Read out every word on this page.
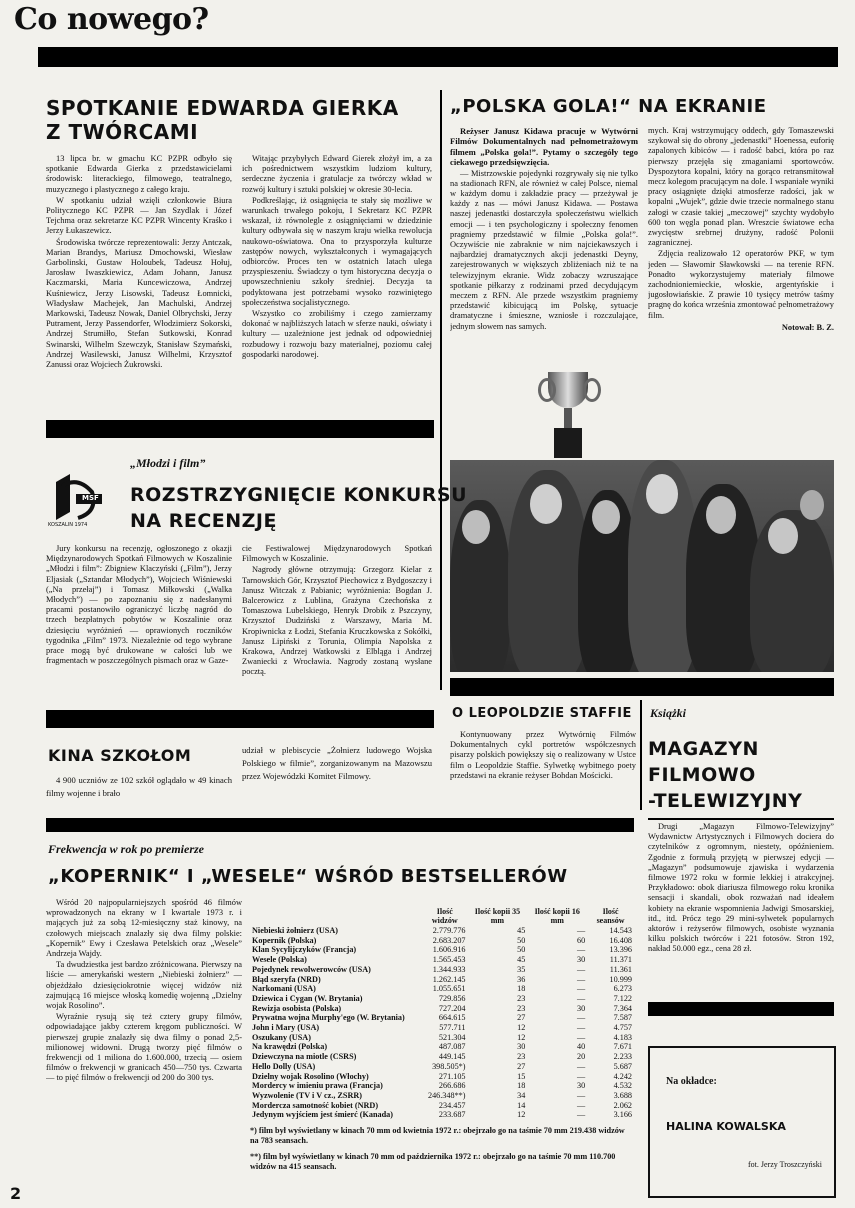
Co nowego?
SPOTKANIE EDWARDA GIERKA
Z TWÓRCAMI

13 lipca br. w gmachu KC PZPR odbyło się spotkanie Edwarda Gierka z przedstawicielami środowisk: literackiego, filmowego, teatralnego, muzycznego i plastycznego z całego kraju.

W spotkaniu udział wzięli członkowie Biura Politycznego KC PZPR — Jan Szydlak i Józef Tejchma oraz sekretarze KC PZPR Wincenty Kraśko i Jerzy Łukaszewicz.

Środowiska twórcze reprezentowali: Jerzy Antczak, Marian Brandys, Mariusz Dmochowski, Wiesław Garbolinski, Gustaw Holoubek, Tadeusz Hołuj, Jarosław Iwaszkiewicz, Adam Johann, Janusz Kaczmarski, Maria Kuncewiczowa, Andrzej Kuśniewicz, Jerzy Lisowski, Tadeusz Łomnicki, Władysław Machejek, Jan Machulski, Andrzej Markowski, Tadeusz Nowak, Daniel Olbrychski, Jerzy Putrament, Jerzy Passendorfer, Włodzimierz Sokorski, Andrzej Strumiłło, Stefan Sutkowski, Konrad Swinarski, Wilhelm Szewczyk, Stanisław Szymański, Andrzej Wasilewski, Janusz Wilhelmi, Krzysztof Zanussi oraz Wojciech Żukrowski.

Witając przybyłych Edward Gierek złożył im, a za ich pośrednictwem wszystkim ludziom kultury, serdeczne życzenia i gratulacje za twórczy wkład w rozwój kultury i sztuki polskiej w okresie 30-lecia.

Podkreślając, iż osiągnięcia te stały się możliwe w warunkach trwałego pokoju, I Sekretarz KC PZPR wskazał, iż równolegle z osiągnięciami w dziedzinie kultury odbywała się w naszym kraju wielka rewolucja naukowo-oświatowa. Ona to przysporzyła kulturze zastępów nowych, wykształconych i wymagających odbiorców. Proces ten w ostatnich latach ulega przyspieszeniu. Świadczy o tym historyczna decyzja o upowszechnieniu szkoły średniej. Decyzja ta podyktowana jest potrzebami wysoko rozwiniętego społeczeństwa socjalistycznego.

Wszystko co zrobiliśmy i czego zamierzamy dokonać w najbliższych latach w sferze nauki, oświaty i kultury — uzależnione jest jednak od odpowiedniej rozbudowy i rozwoju bazy materialnej, poziomu całej gospodarki narodowej.

„POLSKA GOLA!“ NA EKRANIE

Reżyser Janusz Kidawa pracuje w Wytwórni Filmów Dokumentalnych nad pełnometrażowym filmem „Polska gola!”. Pytamy o szczegóły tego ciekawego przedsięwzięcia.

— Mistrzowskie pojedynki rozgrywały się nie tylko na stadionach RFN, ale również w całej Polsce, niemal w każdym domu i zakładzie pracy — przeżywał je każdy z nas — mówi Janusz Kidawa. — Postawa naszej jedenastki dostarczyła społeczeństwu wielkich emocji — i ten psychologiczny i społeczny fenomen pragniemy przedstawić w filmie „Polska gola!”. Oczywiście nie zabraknie w nim najciekawszych i najbardziej dramatycznych akcji jedenastki Deyny, zarejestrowanych w większych zbliżeniach niż te na telewizyjnym ekranie. Widz zobaczy wzruszające spotkanie piłkarzy z rodzinami przed decydującym meczem z RFN. Ale przede wszystkim pragniemy przedstawić kibicującą im Polskę, sytuacje dramatyczne i śmieszne, wzniosłe i rozczulające, jednym słowem nas samych.

mych. Kraj wstrzymujący oddech, gdy Tomaszewski szykował się do obrony „jedenastki” Hoenessa, euforię zapalonych kibiców — i radość babci, która po raz pierwszy przejęła się zmaganiami sportowców. Dyspozytora kopalni, który na gorąco retransmitował mecz kolegom pracującym na dole. I wspaniałe wyniki pracy osiągnięte dzięki atmosferze radości, jak w kopalni „Wujek”, gdzie dwie trzecie normalnego stanu załogi w czasie takiej „meczowej” szychty wydobyło 600 ton węgla ponad plan. Wreszcie światowe echa zwycięstw srebrnej drużyny, radość Polonii zagranicznej.

Zdjęcia realizowało 12 operatorów PKF, w tym jeden — Sławomir Sławkowski — na terenie RFN. Ponadto wykorzystujemy materiały filmowe zachodnioniemieckie, włoskie, argentyńskie i jugosłowiańskie. Z prawie 10 tysięcy metrów taśmy pragnę do końca września zmontować pełnometrażowy film.

Notował: B. Z.

„Młodzi i film”
MSF
KOSZALIN 1974
ROZSTRZYGNIĘCIE KONKURSU
NA RECENZJĘ

Jury konkursu na recenzję, ogłoszonego z okazji Międzynarodowych Spotkań Filmowych w Koszalinie „Młodzi i film”: Zbigniew Klaczyński („Film”), Jerzy Eljasiak („Sztandar Młodych”), Wojciech Wiśniewski („Na przełaj”) i Tomasz Miłkowski („Walka Młodych”) — po zapoznaniu się z nadesłanymi pracami postanowiło ograniczyć liczbę nagród do trzech bezpłatnych pobytów w Koszalinie oraz dziesięciu wyróżnień — oprawionych roczników tygodnika „Film” 1973. Niezależnie od tego wybrane prace mogą być drukowane w całości lub we fragmentach w poszczególnych pismach oraz w Gaze-

cie Festiwalowej Międzynarodowych Spotkań Filmowych w Koszalinie.

Nagrody główne otrzymują: Grzegorz Kielar z Tarnowskich Gór, Krzysztof Piechowicz z Bydgoszczy i Janusz Witczak z Pabianic; wyróżnienia: Bogdan J. Balcerowicz z Lublina, Grażyna Czechońska z Tomaszowa Lubelskiego, Henryk Drobik z Pszczyny, Krzysztof Dudziński z Warszawy, Maria M. Kropiwnicka z Łodzi, Stefania Kruczkowska z Sokółki, Janusz Lipiński z Torunia, Olimpia Napolska z Krakowa, Andrzej Watkowski z Elbląga i Andrzej Zwaniecki z Wrocławia. Nagrody zostaną wysłane pocztą.

KINA SZKOŁOM

4 900 uczniów ze 102 szkół oglądało w 49 kinach filmy wojenne i brało

udział w plebiscycie „Żołnierz ludowego Wojska Polskiego w filmie”, zorganizowanym na Mazowszu przez Wojewódzki Komitet Filmowy.

O LEOPOLDZIE STAFFIE

Kontynuowany przez Wytwórnię Filmów Dokumentalnych cykl portretów współczesnych pisarzy polskich powiększy się o realizowany w Ustce film o Leopoldzie Staffie. Sylwetkę wybitnego poety przedstawi na ekranie reżyser Bohdan Mościcki.

Książki
MAGAZYN
FILMOWO
-TELEWIZYJNY

Drugi „Magazyn Filmowo-Telewizyjny” Wydawnictw Artystycznych i Filmowych dociera do czytelników z ogromnym, niestety, opóźnieniem. Zgodnie z formułą przyjętą w pierwszej edycji — „Magazyn” podsumowuje zjawiska i wydarzenia filmowe 1972 roku w formie lekkiej i atrakcyjnej. Przykładowo: obok diariusza filmowego roku kronika sensacji i skandali, obok rozważań nad ideałem kobiety na ekranie wspomnienia Jadwigi Smosarskiej, itd., itd. Prócz tego 29 mini-sylwetek popularnych aktorów i reżyserów filmowych, osobiste wyznania kilku polskich twórców i 221 fotosów. Stron 192, nakład 50.000 egz., cena 28 zł.

Frekwencja w rok po premierze
„KOPERNIK“ I „WESELE“ WŚRÓD BESTSELLERÓW

Wśród 20 najpopularniejszych spośród 46 filmów wprowadzonych na ekrany w I kwartale 1973 r. i mających już za sobą 12-miesięczny staż kinowy, na czołowych miejscach znalazły się dwa filmy polskie: „Kopernik” Ewy i Czesława Petelskich oraz „Wesele” Andrzeja Wajdy.

Ta dwudziestka jest bardzo zróżnicowana. Pierwszy na liście — amerykański western „Niebieski żołnierz” — objeżdżało dziesięciokrotnie więcej widzów niż zajmującą 16 miejsce włoską komedię wojenną „Dzielny wojak Rosolino”.

Wyraźnie rysują się też cztery grupy filmów, odpowiadające jakby czterem kręgom publiczności. W pierwszej grupie znalazły się dwa filmy o ponad 2,5-milionowej widowni. Drugą tworzy pięć filmów o frekwencji od 1 miliona do 1.600.000, trzecią — osiem filmów o frekwencji w granicach 450—750 tys. Czwarta — to pięć filmów o frekwencji od 200 do 300 tys.

	Ilość widzów	Ilość kopii 35 mm	Ilość kopii 16 mm	Ilość seansów
Niebieski żołnierz (USA)	2.779.776	45	—	14.543
Kopernik (Polska)	2.683.207	50	60	16.408
Klan Sycylijczyków (Francja)	1.606.916	50	—	13.396
Wesele (Polska)	1.565.453	45	30	11.371
Pojedynek rewolwerowców (USA)	1.344.933	35	—	11.361
Błąd szeryfa (NRD)	1.262.145	36	—	10.999
Narkomani (USA)	1.055.651	18	—	6.273
Dziewica i Cygan (W. Brytania)	729.856	23	—	7.122
Rewizja osobista (Polska)	727.204	23	30	7.364
Prywatna wojna Murphy'ego (W. Brytania)	664.615	27	—	7.587
John i Mary (USA)	577.711	12	—	4.757
Oszukany (USA)	521.304	12	—	4.183
Na krawędzi (Polska)	487.087	30	40	7.671
Dziewczyna na miotle (CSRS)	449.145	23	20	2.233
Hello Dolly (USA)	398.505*)	27	—	5.687
Dzielny wojak Rosolino (Włochy)	271.105	15	—	4.242
Mordercy w imieniu prawa (Francja)	266.686	18	30	4.532
Wyzwolenie (TV i V cz., ZSRR)	246.348**)	34	—	3.688
Mordercza samotność kobiet (NRD)	234.457	14	—	2.062
Jedynym wyjściem jest śmierć (Kanada)	233.687	12	—	3.166
*) film był wyświetlany w kinach 70 mm od kwietnia 1972 r.: obejrzało go na taśmie 70 mm 219.438 widzów na 783 seansach.
**) film był wyświetlany w kinach 70 mm od października 1972 r.: obejrzało go na taśmie 70 mm 110.700 widzów na 415 seansach.
Na okładce:
HALINA KOWALSKA
fot. Jerzy Troszczyński
2
